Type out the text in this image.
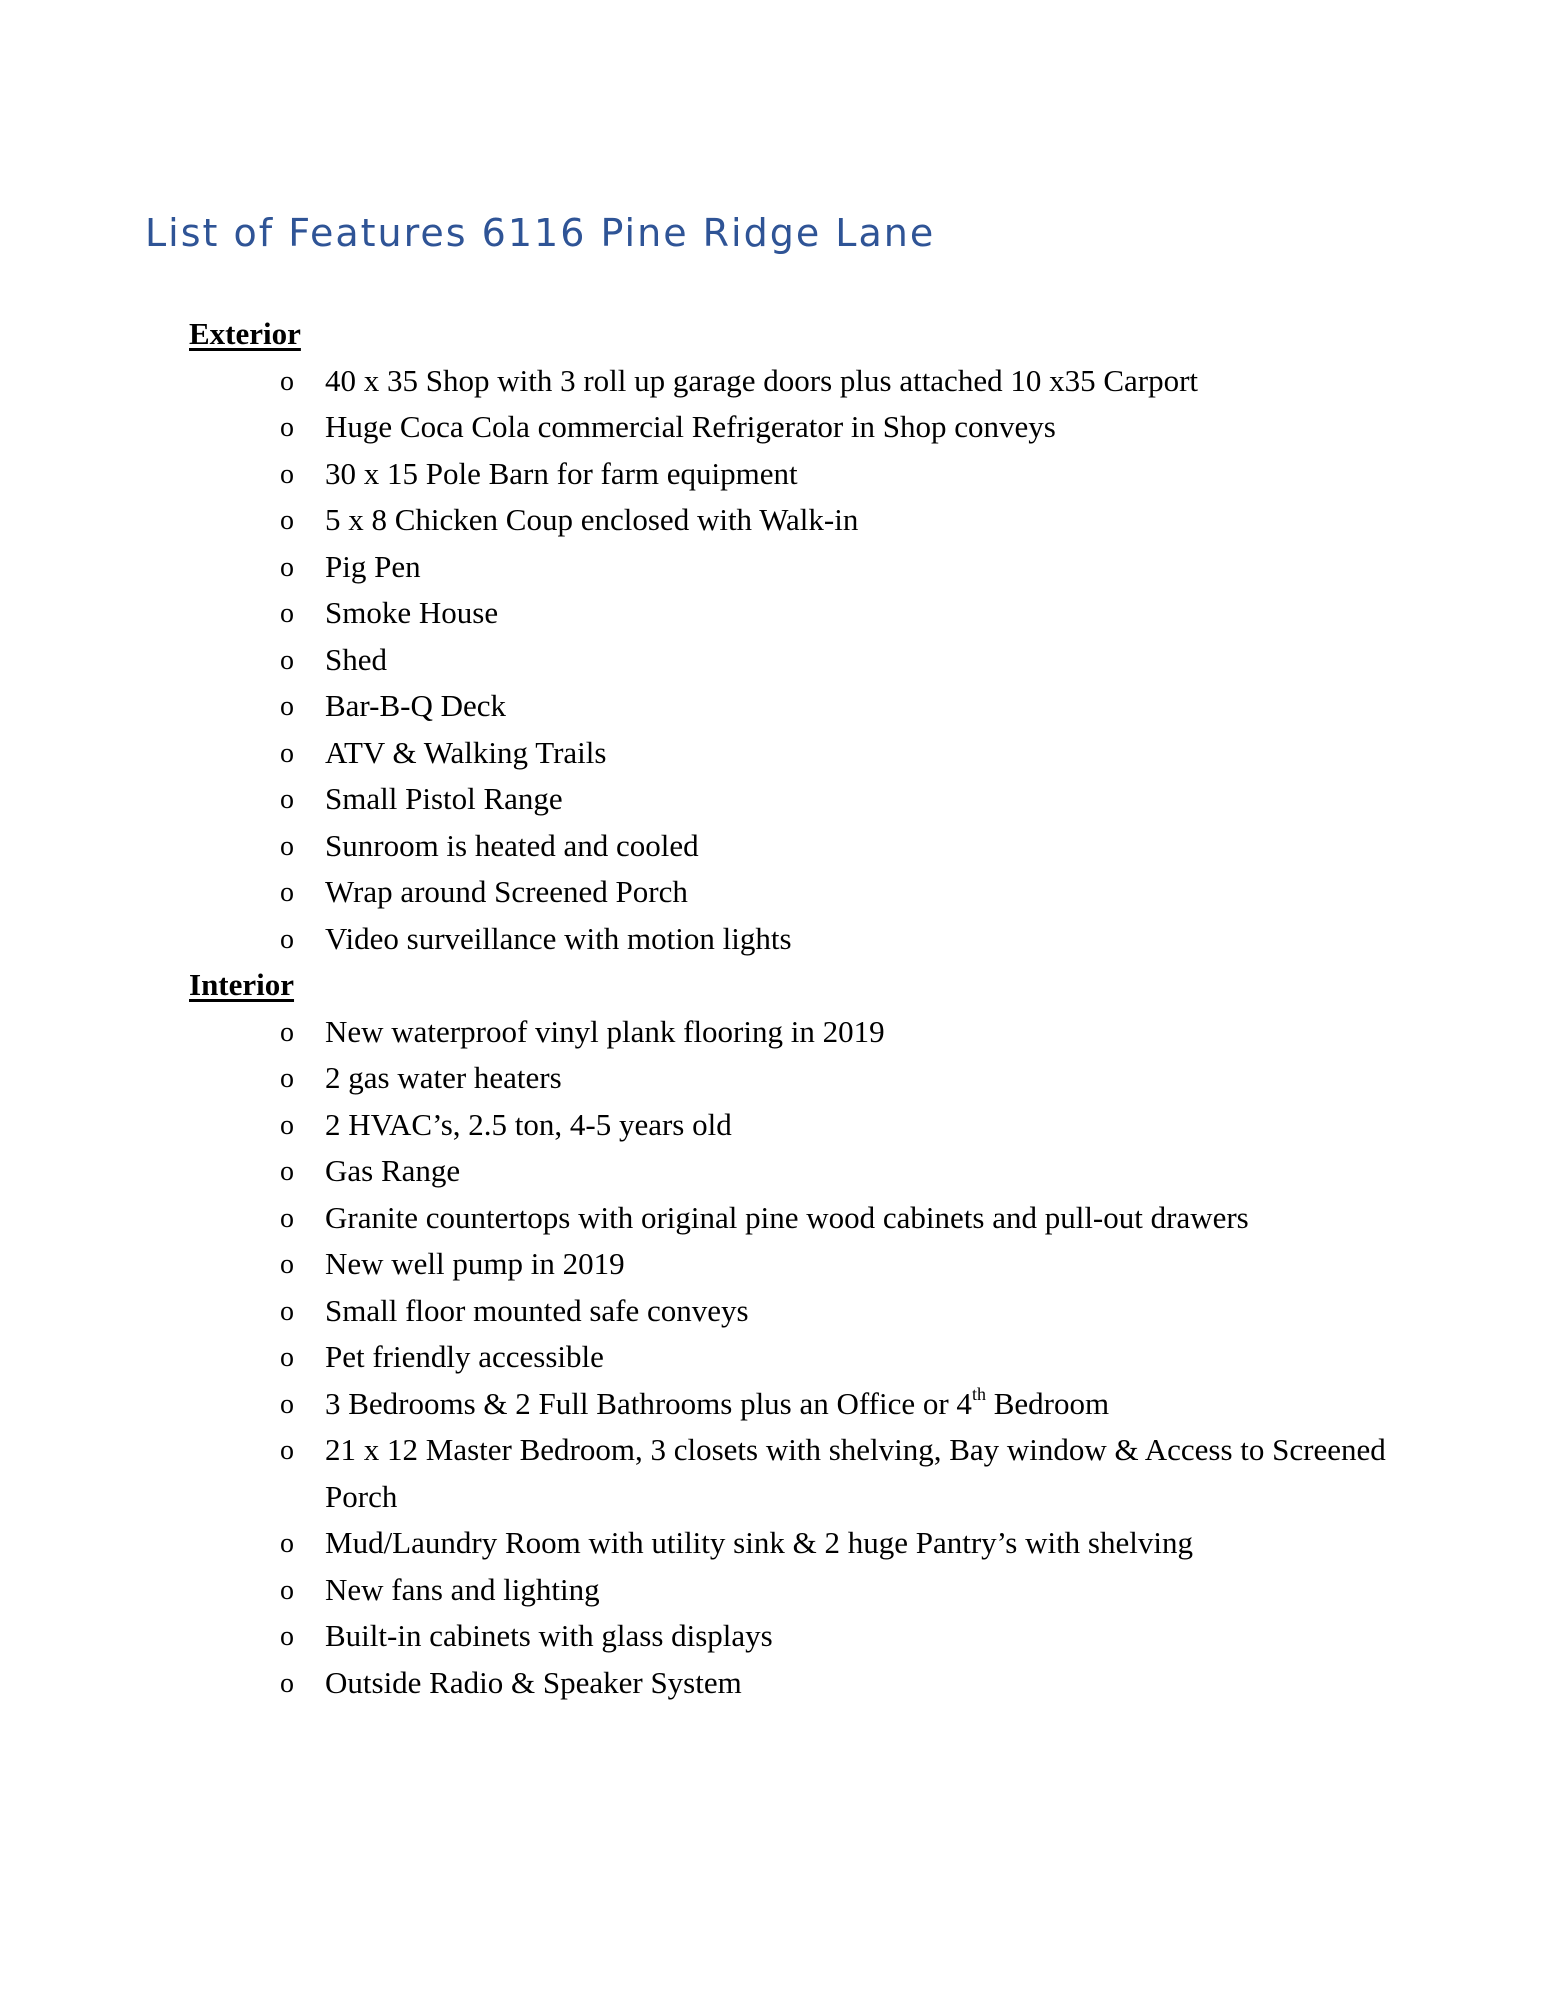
List of Features 6116 Pine Ridge Lane
Exterior
o 40 x 35 Shop with 3 roll up garage doors plus attached 10 x35 Carport
o Huge Coca Cola commercial Refrigerator in Shop conveys
o 30 x 15 Pole Barn for farm equipment
o 5 x 8 Chicken Coup enclosed with Walk-in
o Pig Pen
o Smoke House
o Shed
o Bar-B-Q Deck
o ATV & Walking Trails
o Small Pistol Range
o Sunroom is heated and cooled
o Wrap around Screened Porch
o Video surveillance with motion lights
Interior
o New waterproof vinyl plank flooring in 2019
o 2 gas water heaters
o 2 HVAC’s, 2.5 ton, 4-5 years old
o Gas Range
o Granite countertops with original pine wood cabinets and pull-out drawers
o New well pump in 2019
o Small floor mounted safe conveys
o Pet friendly accessible
o 3 Bedrooms & 2 Full Bathrooms plus an Office or 4th Bedroom
o 21 x 12 Master Bedroom, 3 closets with shelving, Bay window & Access to Screened Porch
o Mud/Laundry Room with utility sink & 2 huge Pantry’s with shelving
o New fans and lighting
o Built-in cabinets with glass displays
o Outside Radio & Speaker System
